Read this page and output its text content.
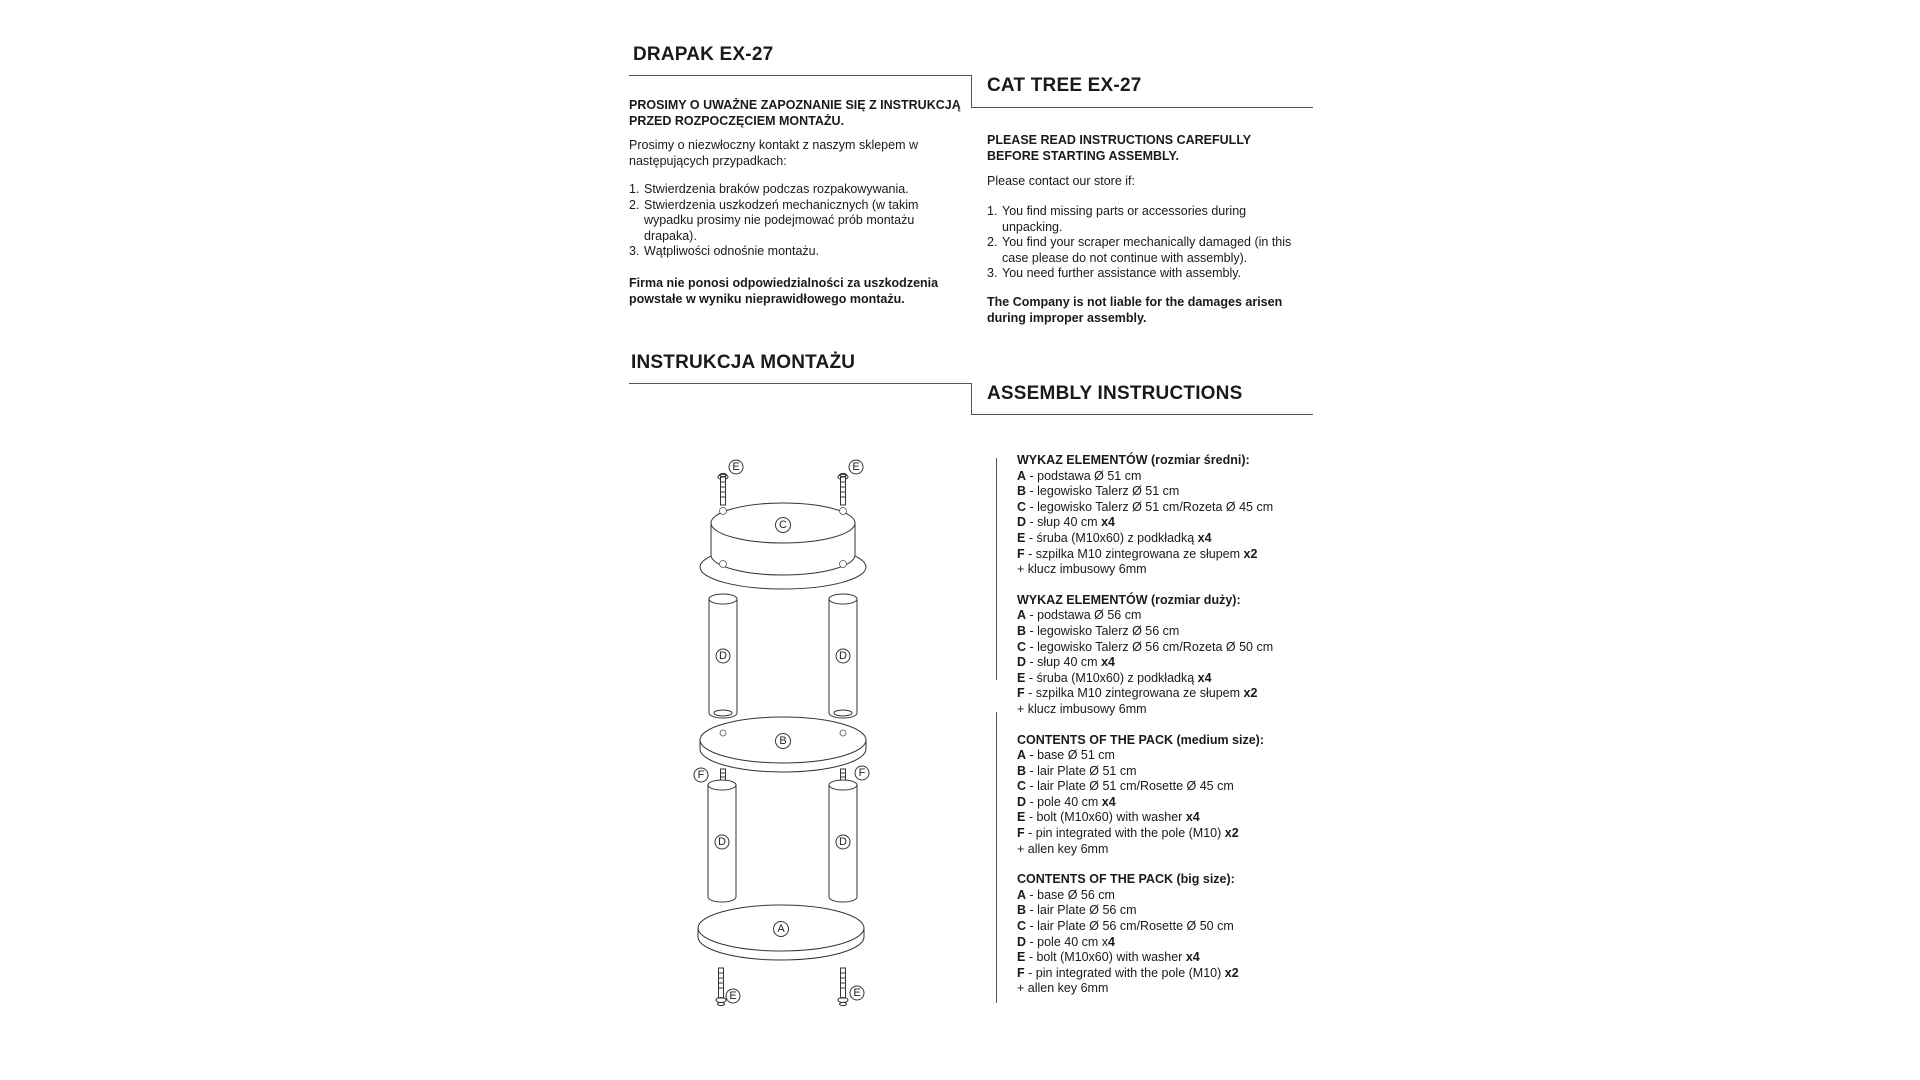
DRAPAK EX-27
PROSIMY O UWAŻNE ZAPOZNANIE SIĘ Z INSTRUKCJĄ PRZED ROZPOCZĘCIEM MONTAŻU.
Prosimy o niezwłoczny kontakt z naszym sklepem w następujących przypadkach:
1. Stwierdzenia braków podczas rozpakowywania.
2. Stwierdzenia uszkodzeń mechanicznych (w takim wypadku prosimy nie podejmować prób montażu drapaka).
3. Wątpliwości odnośnie montażu.
Firma nie ponosi odpowiedzialności za uszkodzenia powstałe w wyniku nieprawidłowego montażu.
CAT TREE EX-27
PLEASE READ INSTRUCTIONS CAREFULLY BEFORE STARTING ASSEMBLY.
Please contact our store if:
1. You find missing parts or accessories during unpacking.
2. You find your scraper mechanically damaged (in this case please do not continue with assembly).
3. You need further assistance with assembly.
The Company is not liable for the damages arisen during improper assembly.
INSTRUKCJA MONTAŻU
ASSEMBLY INSTRUCTIONS
WYKAZ ELEMENTÓW (rozmiar średni):
A - podstawa Ø 51 cm
B - legowisko Talerz Ø 51 cm
C - legowisko Talerz Ø 51 cm/Rozeta Ø 45 cm
D - słup 40 cm x4
E - śruba (M10x60) z podkładką x4
F - szpilka M10 zintegrowana ze słupem x2
+ klucz imbusowy 6mm
WYKAZ ELEMENTÓW (rozmiar duży):
A - podstawa Ø 56 cm
B - legowisko Talerz Ø 56 cm
C - legowisko Talerz Ø 56 cm/Rozeta Ø 50 cm
D - słup 40 cm x4
E - śruba (M10x60) z podkładką x4
F - szpilka M10 zintegrowana ze słupem x2
+ klucz imbusowy 6mm
CONTENTS OF THE PACK (medium size):
A - base Ø 51 cm
B - lair Plate Ø 51 cm
C - lair Plate Ø 51 cm/Rosette Ø 45 cm
D - pole 40 cm x4
E - bolt (M10x60) with washer x4
F - pin integrated with the pole (M10) x2
+ allen key 6mm
CONTENTS OF THE PACK (big size):
A - base Ø 56 cm
B - lair Plate Ø 56 cm
C - lair Plate Ø 56 cm/Rosette Ø 50 cm
D - pole 40 cm x4
E - bolt (M10x60) with washer x4
F - pin integrated with the pole (M10) x2
+ allen key 6mm
C
E	E
D	D
B
F	F
D	D
A
E	E
